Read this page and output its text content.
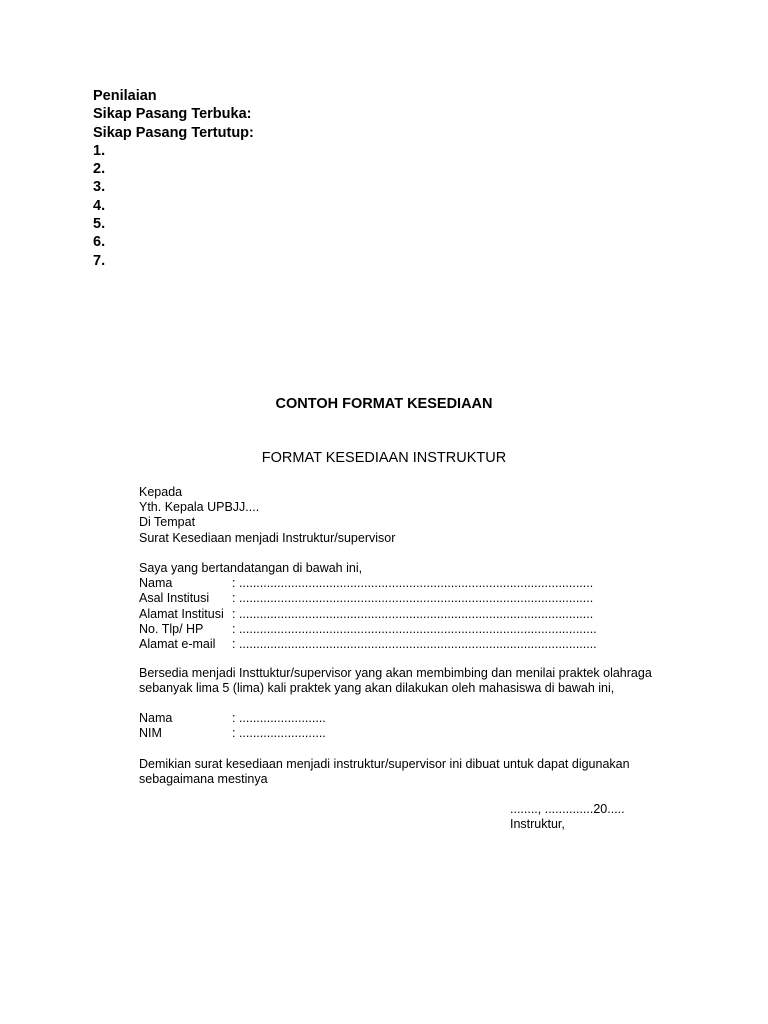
Penilaian
Sikap Pasang Terbuka:
Sikap Pasang Tertutup:
1.
2.
3.
4.
5.
6.
7.
CONTOH FORMAT KESEDIAAN
FORMAT KESEDIAAN INSTRUKTUR
Kepada
Yth. Kepala UPBJJ....
Di Tempat
Surat Kesediaan menjadi Instruktur/supervisor
Saya yang bertandatangan di bawah ini,
Nama	: ......................................................................................................
Asal Institusi	: ......................................................................................................
Alamat Institusi : ......................................................................................................
No. Tlp/ HP	: .......................................................................................................
Alamat e-mail	: .......................................................................................................
Bersedia menjadi Insttuktur/supervisor yang akan membimbing dan menilai praktek olahraga
sebanyak lima 5 (lima) kali praktek yang akan dilakukan oleh mahasiswa di bawah ini,
Nama	: .........................
NIM	: .........................
Demikian surat kesediaan menjadi instruktur/supervisor ini dibuat untuk dapat digunakan
sebagaimana mestinya
........, ..............20.....
Instruktur,
